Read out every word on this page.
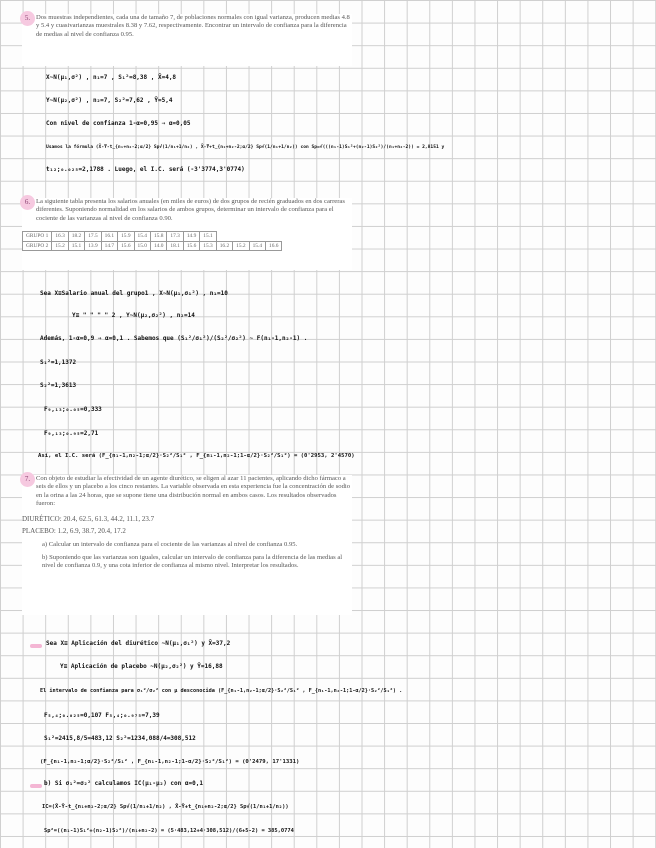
5. Dos muestras independientes, cada una de tamaño 7, de poblaciones normales con igual varianza, producen medias 4.8 y 5.4 y cuasivarianzas muestrales 8.38 y 7.62, respectivamente. Encontrar un intervalo de confianza para la diferencia de medias al nivel de confianza 0.95.
X~N(μ₁,σ²) , n₁=7 , S₁²=8,38 , X̄=4,8
Y~N(μ₂,σ²) , n₂=7, S₂²=7,62 , Ȳ=5,4
Con nivel de confianza 1-α=0,95 ⇒ α=0,05
Usamos la fórmula (X̄-Ȳ-t_{n₁+n₂-2;α/2} Sp√(1/n₁+1/n₂) , X̄-Ȳ+t_{n₁+n₂-2;α/2} Sp√(1/n₁+1/n₂)) con Sp=√(((n₁-1)S₁²+(n₂-1)S₂²)/(n₁+n₂-2)) = 2,8151 y
t₁₂;₀.₀₂₅=2,1788 . Luego, el I.C. será (-3'3774,3'0774)
6. La siguiente tabla presenta los salarios anuales (en miles de euros) de dos grupos de recién graduados en dos carreras diferentes. Suponiendo normalidad en los salarios de ambos grupos, determinar un intervalo de confianza para el cociente de las varianzas al nivel de confianza 0.90.
GRUPO 1	16.3	18.2	17.5	16.1	15.9	15.4	15.8	17.3	14.9	15.1				
GRUPO 2	15.2	15.1	13.9	14.7	15.6	15.0	14.0	18.1	15.6	15.3	16.2	15.2	15.4	16.6
Sea X≡Salario anual del grupo1 , X~N(μ₁,σ₁²) , n₁=10
Y≡ " " " " 2 , Y~N(μ₂,σ₂²) , n₂=14
Además, 1-α=0,9 ⇒ α=0,1 . Sabemos que (S₁²/σ₁²)/(S₂²/σ₂²) ~ F(n₁-1,n₂-1) .
S₁²=1,1372
S₂²=1,3613
F₉,₁₃;₀.₀₅=0,333
F₉,₁₃;₀.₉₅=2,71
Así, el I.C. será (F_{n₁-1,n₂-1;α/2}·S₂²/S₁² , F_{n₁-1,n₂-1;1-α/2}·S₂²/S₁²) = (0'2953, 2'4570)
7. Con objeto de estudiar la efectividad de un agente diurético, se eligen al azar 11 pacientes, aplicando dicho fármaco a seis de ellos y un placebo a los cinco restantes. La variable observada en esta experiencia fue la concentración de sodio en la orina a las 24 horas, que se supone tiene una distribución normal en ambos casos. Los resultados observados fueron:
DIURÉTICO: 20.4, 62.5, 61.3, 44.2, 11.1, 23.7
PLACEBO: 1.2, 6.9, 38.7, 20.4, 17.2
a) Calcular un intervalo de confianza para el cociente de las varianzas al nivel de confianza 0.95.
b) Suponiendo que las varianzas son iguales, calcular un intervalo de confianza para la diferencia de las medias al nivel de confianza 0.9, y una cota inferior de confianza al mismo nivel. Interpretar los resultados.
Sea X≡ Aplicación del diurético ~N(μ₁,σ₁²) y X̄=37,2
Y≡ Aplicación de placebo ~N(μ₂,σ₂²) y Ȳ=16,88
El intervalo de confianza para σ₁²/σ₂² con μ desconocida (F_{n₁-1,n₂-1;α/2}·S₂²/S₁² , F_{n₁-1,n₂-1;1-α/2}·S₂²/S₁²) .
F₅,₄;₀.₀₂₅=0,107 F₅,₄;₀.₉₇₅=7,39
S₁²=2415,8/5=483,12 S₂²=1234,088/4=308,512
(F_{n₁-1,n₂-1;α/2}·S₂²/S₁² , F_{n₁-1,n₂-1;1-α/2}·S₂²/S₁²) = (0'2479, 17'1331)
b) Si σ₁²=σ₂² calculamos IC(μ₁-μ₂) con α=0,1
IC=(X̄-Ȳ-t_{n₁+n₂-2;α/2} Sp√(1/n₁+1/n₂) , X̄-Ȳ+t_{n₁+n₂-2;α/2} Sp√(1/n₁+1/n₂))
Sp²=((n₁-1)S₁²+(n₂-1)S₂²)/(n₁+n₂-2) = (5·483,12+4·308,512)/(6+5-2) = 385,0774
